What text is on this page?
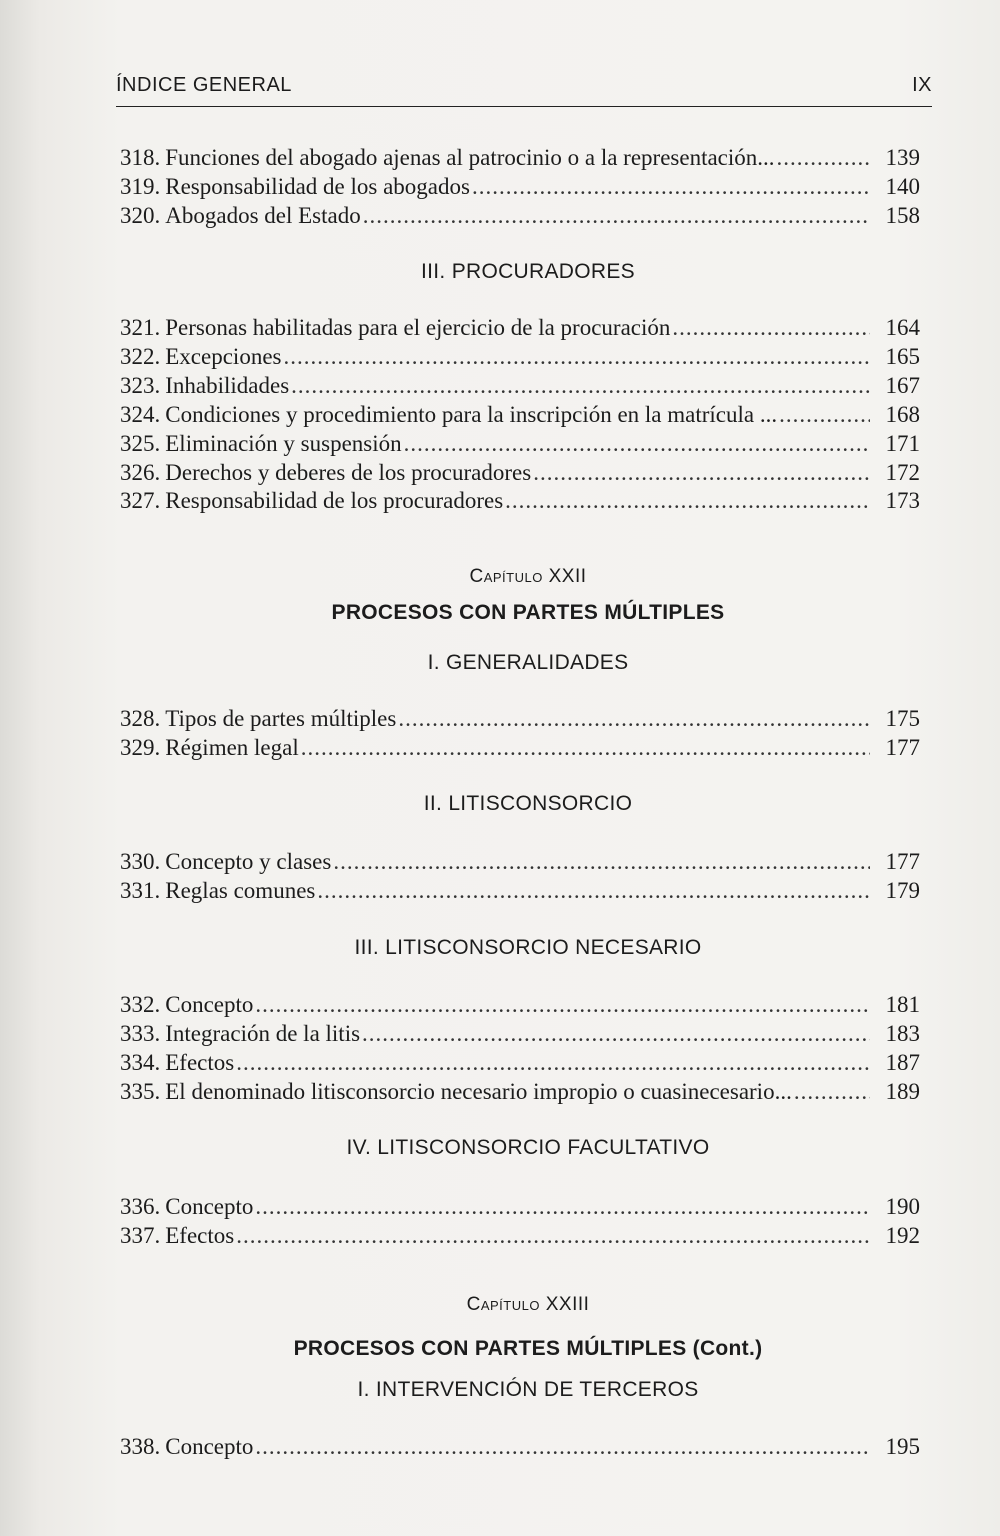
ÍNDICE GENERAL	IX
318. Funciones del abogado ajenas al patrocinio o a la representación... .....	139
319. Responsabilidad de los abogados .....	140
320. Abogados del Estado .....	158
III. PROCURADORES
321. Personas habilitadas para el ejercicio de la procuración .....	164
322. Excepciones .....	165
323. Inhabilidades .....	167
324. Condiciones y procedimiento para la inscripción en la matrícula ... .....	168
325. Eliminación y suspensión .....	171
326. Derechos y deberes de los procuradores .....	172
327. Responsabilidad de los procuradores .....	173
Capítulo XXII
PROCESOS CON PARTES MÚLTIPLES
I. GENERALIDADES
328. Tipos de partes múltiples .....	175
329. Régimen legal .....	177
II. LITISCONSORCIO
330. Concepto y clases .....	177
331. Reglas comunes .....	179
III. LITISCONSORCIO NECESARIO
332. Concepto .....	181
333. Integración de la litis .....	183
334. Efectos .....	187
335. El denominado litisconsorcio necesario impropio o cuasinecesario... .....	189
IV. LITISCONSORCIO FACULTATIVO
336. Concepto .....	190
337. Efectos .....	192
Capítulo XXIII
PROCESOS CON PARTES MÚLTIPLES (Cont.)
I. INTERVENCIÓN DE TERCEROS
338. Concepto .....	195
